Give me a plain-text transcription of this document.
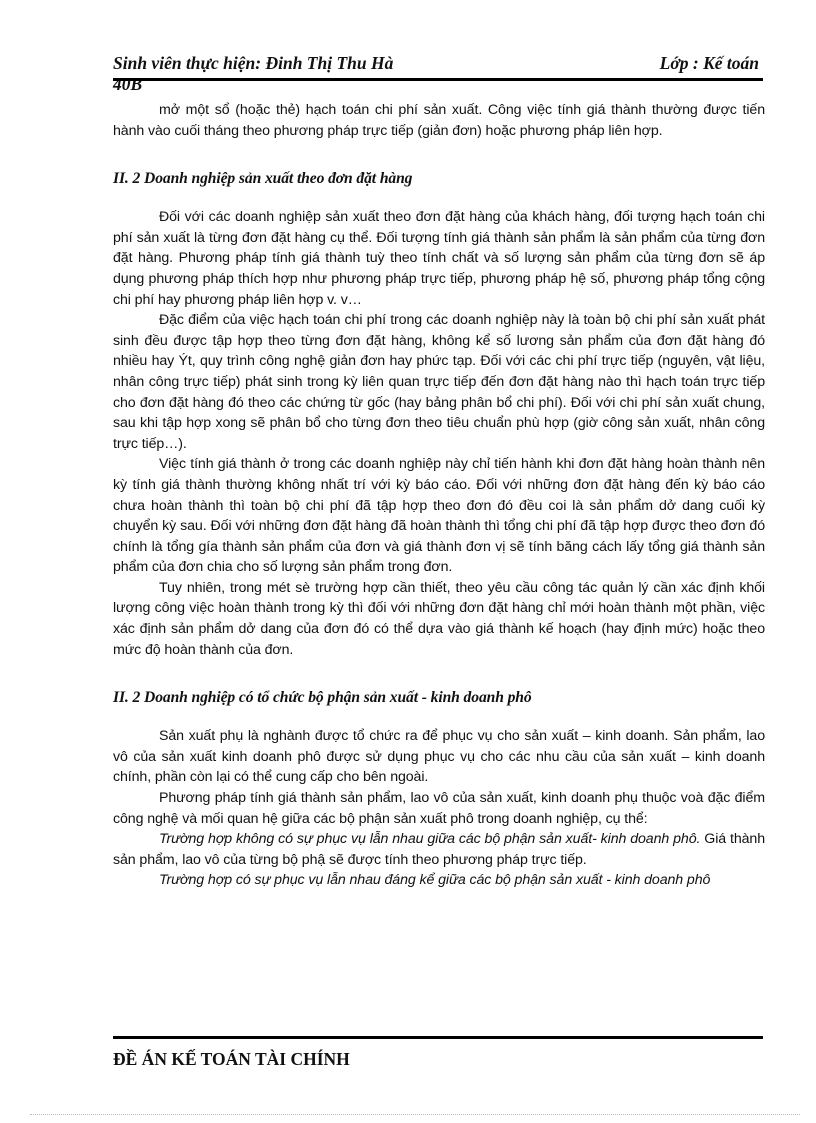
Sinh viên thực hiện: Đinh Thị Thu Hà	Lớp : Kế toán
40B

mở một sổ (hoặc thẻ) hạch toán chi phí sản xuất. Công việc tính giá thành thường được tiến hành vào cuối tháng theo phương pháp trực tiếp (giản đơn) hoặc phương pháp liên hợp.

II. 2 Doanh nghiệp sản xuất theo đơn đặt hàng

Đối với các doanh nghiệp sản xuất theo đơn đặt hàng của khách hàng, đối tượng hạch toán chi phí sản xuất là từng đơn đặt hàng cụ thể. Đối tượng tính giá thành sản phẩm là sản phẩm của từng đơn đặt hàng. Phương pháp tính giá thành tuỳ theo tính chất và số lượng sản phẩm của từng đơn sẽ áp dụng phương pháp thích hợp như phương pháp trực tiếp, phương pháp hệ số, phương pháp tổng cộng chi phí hay phương pháp liên hợp v. v…

Đặc điểm của việc hạch toán chi phí trong các doanh nghiệp này là toàn bộ chi phí sản xuất phát sinh đều được tập hợp theo từng đơn đặt hàng, không kể số lương sản phẩm của đơn đặt hàng đó nhiều hay Ýt, quy trình công nghệ giản đơn hay phức tạp. Đối với các chi phí trực tiếp (nguyên, vật liệu, nhân công trực tiếp) phát sinh trong kỳ liên quan trực tiếp đến đơn đặt hàng nào thì hạch toán trực tiếp cho đơn đặt hàng đó theo các chứng từ gốc (hay bảng phân bổ chi phí). Đối với chi phí sản xuất chung, sau khi tập hợp xong sẽ phân bổ cho từng đơn theo tiêu chuẩn phù hợp (giờ công sản xuất, nhân công trực tiếp…).

Việc tính giá thành ở trong các doanh nghiệp này chỉ tiến hành khi đơn đặt hàng hoàn thành nên kỳ tính giá thành thường không nhất trí với kỳ báo cáo. Đối với những đơn đặt hàng đến kỳ báo cáo chưa hoàn thành thì toàn bộ chi phí đã tập hợp theo đơn đó đều coi là sản phẩm dở dang cuối kỳ chuyển kỳ sau. Đối với những đơn đặt hàng đã hoàn thành thì tổng chi phí đã tập hợp được theo đơn đó chính là tổng gía thành sản phẩm của đơn và giá thành đơn vị sẽ tính băng cách lấy tổng giá thành sản phẩm của đơn chia cho số lượng sản phẩm trong đơn.

Tuy nhiên, trong mét sè trường hợp cần thiết, theo yêu cầu công tác quản lý cần xác định khối lượng công việc hoàn thành trong kỳ thì đối với những đơn đặt hàng chỉ mới hoàn thành một phần, việc xác định sản phẩm dở dang của đơn đó có thể dựa vào giá thành kế hoạch (hay định mức) hoặc theo mức độ hoàn thành của đơn.

II. 2 Doanh nghiệp có tổ chức bộ phận sản xuất - kinh doanh phô

Sản xuất phụ là nghành được tổ chức ra để phục vụ cho sản xuất – kinh doanh. Sản phẩm, lao vô của sản xuất kinh doanh phô được sử dụng phục vụ cho các nhu cầu của sản xuất – kinh doanh chính, phần còn lại có thể cung cấp cho bên ngoài.

Phương pháp tính giá thành sản phẩm, lao vô của sản xuất, kinh doanh phụ thuộc voà đặc điểm công nghệ và mối quan hệ giữa các bộ phận sản xuất phô trong doanh nghiệp, cụ thể:

Trường hợp không có sự phục vụ lẫn nhau giữa các bộ phận sản xuất- kinh doanh phô. Giá thành sản phẩm, lao vô của từng bộ phậ sẽ được tính theo phương pháp trực tiếp.

Trường hợp có sự phục vụ lẫn nhau đáng kể giữa các bộ phận sản xuất - kinh doanh phô

ĐỀ ÁN KẾ TOÁN TÀI CHÍNH
